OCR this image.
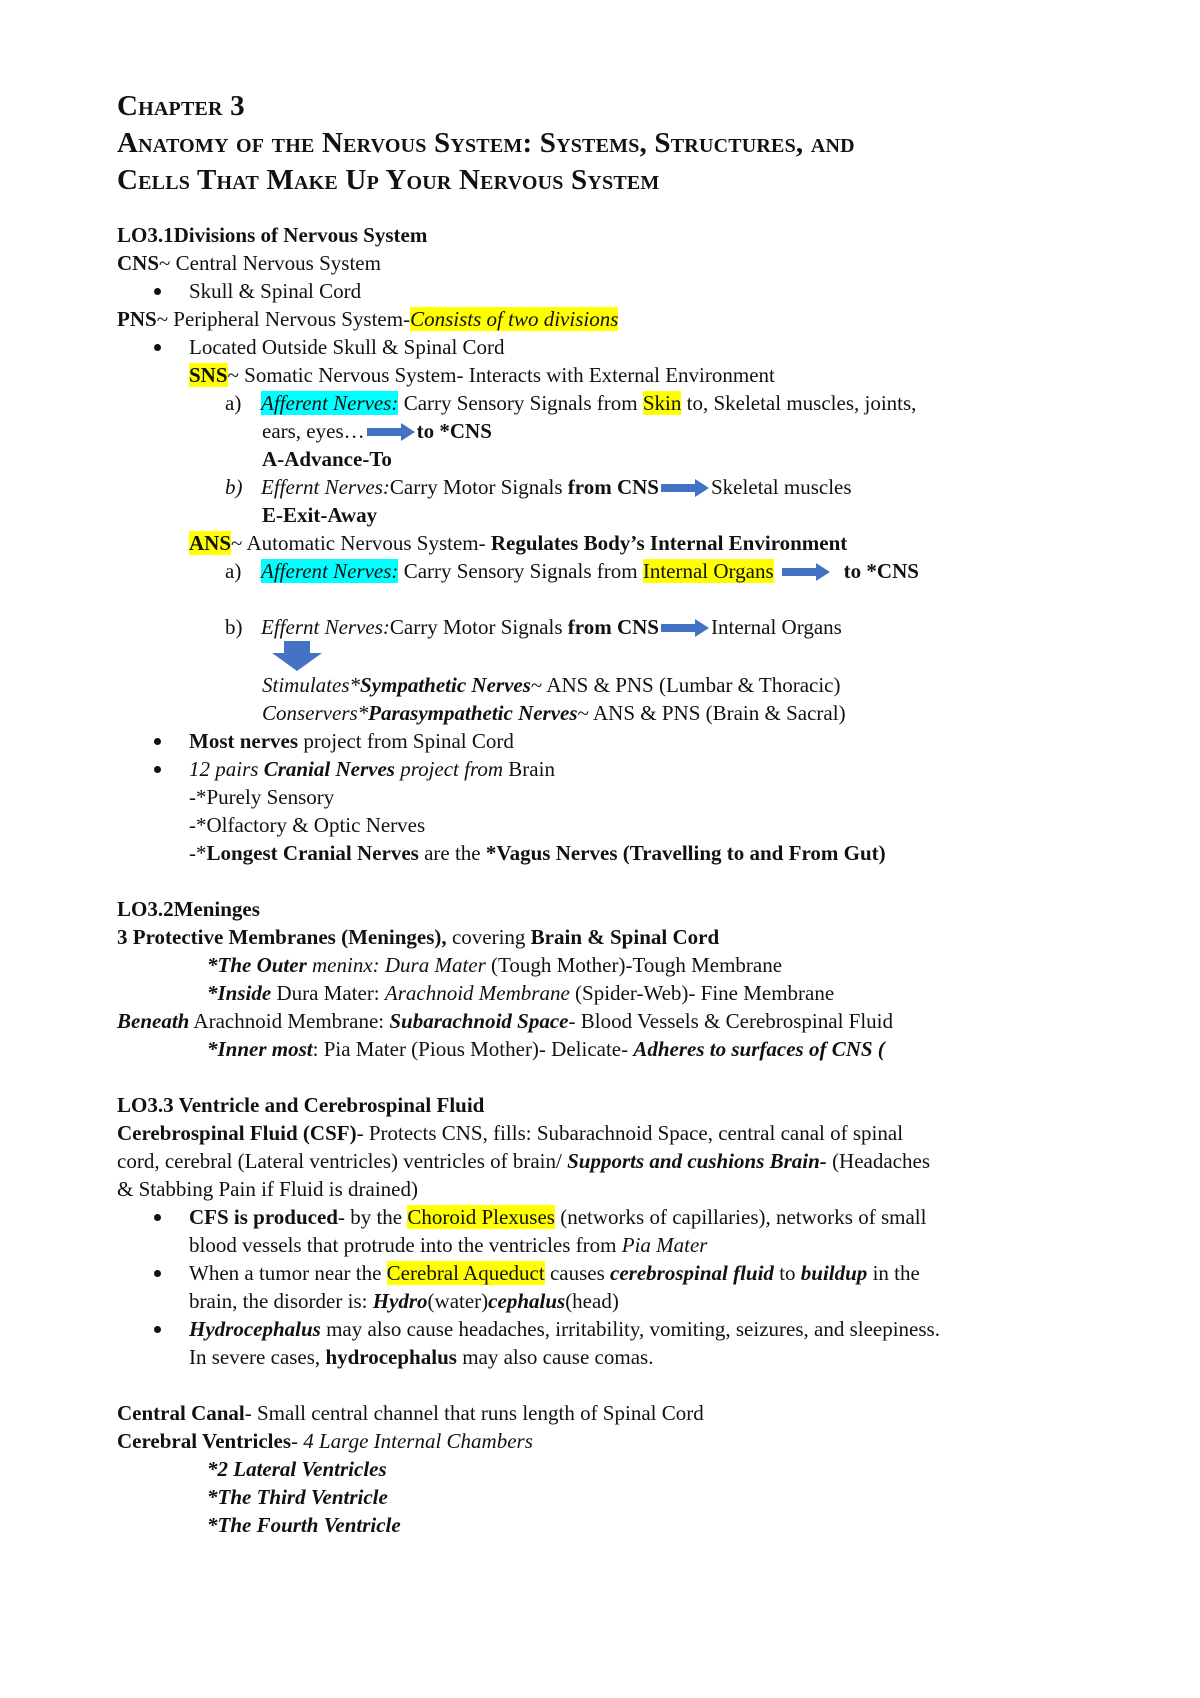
Chapter 3
Anatomy of the Nervous System: Systems, Structures, and
Cells That Make Up Your Nervous System
LO3.1Divisions of Nervous System
CNS~ Central Nervous System
Skull & Spinal Cord
PNS~ Peripheral Nervous System-Consists of two divisions
Located Outside Skull & Spinal Cord
SNS~ Somatic Nervous System- Interacts with External Environment
a) Afferent Nerves: Carry Sensory Signals from Skin to, Skeletal muscles, joints,
ears, eyes… to *CNS
A-Advance-To
b) Effernt Nerves:Carry Motor Signals from CNS Skeletal muscles
E-Exit-Away
ANS~ Automatic Nervous System- Regulates Body’s Internal Environment
a) Afferent Nerves: Carry Sensory Signals from Internal Organs	to *CNS
b) Effernt Nerves:Carry Motor Signals from CNS Internal Organs
Stimulates*Sympathetic Nerves~ ANS & PNS (Lumbar & Thoracic)
Conservers*Parasympathetic Nerves~ ANS & PNS (Brain & Sacral)
Most nerves project from Spinal Cord
12 pairs Cranial Nerves project from Brain
-*Purely Sensory
-*Olfactory & Optic Nerves
-*Longest Cranial Nerves are the *Vagus Nerves (Travelling to and From Gut)
LO3.2Meninges
3 Protective Membranes (Meninges), covering Brain & Spinal Cord
*The Outer meninx: Dura Mater (Tough Mother)-Tough Membrane
*Inside Dura Mater: Arachnoid Membrane (Spider-Web)- Fine Membrane
Beneath Arachnoid Membrane: Subarachnoid Space- Blood Vessels & Cerebrospinal Fluid
*Inner most: Pia Mater (Pious Mother)- Delicate- Adheres to surfaces of CNS (
LO3.3 Ventricle and Cerebrospinal Fluid
Cerebrospinal Fluid (CSF)- Protects CNS, fills: Subarachnoid Space, central canal of spinal
cord, cerebral (Lateral ventricles) ventricles of brain/ Supports and cushions Brain- (Headaches
& Stabbing Pain if Fluid is drained)
CFS is produced- by the Choroid Plexuses (networks of capillaries), networks of small
blood vessels that protrude into the ventricles from Pia Mater
When a tumor near the Cerebral Aqueduct causes cerebrospinal fluid to buildup in the
brain, the disorder is: Hydro(water)cephalus(head)
Hydrocephalus may also cause headaches, irritability, vomiting, seizures, and sleepiness.
In severe cases, hydrocephalus may also cause comas.
Central Canal- Small central channel that runs length of Spinal Cord
Cerebral Ventricles- 4 Large Internal Chambers
*2 Lateral Ventricles
*The Third Ventricle
*The Fourth Ventricle
